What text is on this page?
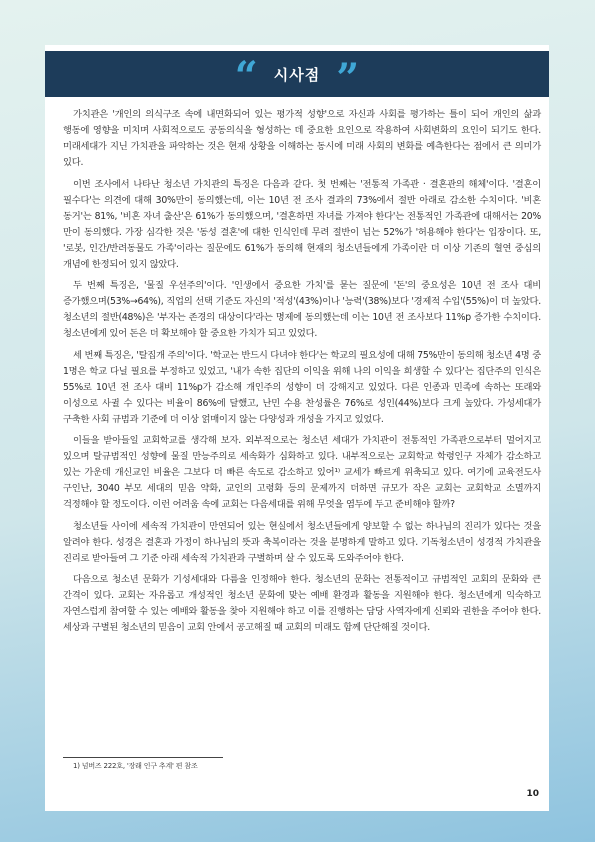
“ 시사점 ”

가치관은 '개인의 의식구조 속에 내면화되어 있는 평가적 성향'으로 자신과 사회를 평가하는 틀이 되어 개인의 삶과 행동에 영향을 미치며 사회적으로도 공동의식을 형성하는 데 중요한 요인으로 작용하여 사회변화의 요인이 되기도 한다. 미래세대가 지닌 가치관을 파악하는 것은 현재 상황을 이해하는 동시에 미래 사회의 변화를 예측한다는 점에서 큰 의미가 있다.

이번 조사에서 나타난 청소년 가치관의 특징은 다음과 같다. 첫 번째는 '전통적 가족관 · 결혼관의 해체'이다. '결혼이 필수다'는 의견에 대해 30%만이 동의했는데, 이는 10년 전 조사 결과의 73%에서 절반 아래로 감소한 수치이다. '비혼 동거'는 81%, '비혼 자녀 출산'은 61%가 동의했으며, '결혼하면 자녀를 가져야 한다'는 전통적인 가족관에 대해서는 20%만이 동의했다. 가장 심각한 것은 '동성 결혼'에 대한 인식인데 무려 절반이 넘는 52%가 '허용해야 한다'는 입장이다. 또, '로봇, 인간/반려동물도 가족'이라는 질문에도 61%가 동의해 현재의 청소년들에게 가족이란 더 이상 기존의 혈연 중심의 개념에 한정되어 있지 않았다.

두 번째 특징은, '물질 우선주의'이다. '인생에서 중요한 가치'를 묻는 질문에 '돈'의 중요성은 10년 전 조사 대비 증가했으며(53%→64%), 직업의 선택 기준도 자신의 '적성'(43%)이나 '능력'(38%)보다 '경제적 수입'(55%)이 더 높았다. 청소년의 절반(48%)은 '부자는 존경의 대상이다'라는 명제에 동의했는데 이는 10년 전 조사보다 11%p 증가한 수치이다. 청소년에게 있어 돈은 더 확보해야 할 중요한 가치가 되고 있었다.

세 번째 특징은, '탈집개 주의'이다. '학교는 반드시 다녀야 한다'는 학교의 필요성에 대해 75%만이 동의해 청소년 4명 중 1명은 학교 다닐 필요를 부정하고 있었고, '내가 속한 집단의 이익을 위해 나의 이익을 희생할 수 있다'는 집단주의 인식은 55%로 10년 전 조사 대비 11%p가 감소해 개인주의 성향이 더 강해지고 있었다. 다른 인종과 민족에 속하는 또래와 이성으로 사귈 수 있다는 비율이 86%에 달했고, 난민 수용 찬성률은 76%로 성인(44%)보다 크게 높았다. 가성세대가 구축한 사회 규범과 기준에 더 이상 얽매이지 않는 다양성과 개성을 가지고 있었다.

이들을 받아들일 교회학교를 생각해 보자. 외부적으로는 청소년 세대가 가치관이 전통적인 가족관으로부터 멀어지고 있으며 탈규범적인 성향에 물질 만능주의로 세속화가 심화하고 있다. 내부적으로는 교회학교 학령인구 자체가 감소하고 있는 가운데 개신교인 비율은 그보다 더 빠른 속도로 감소하고 있어¹⁾ 교세가 빠르게 위축되고 있다. 여기에 교육전도사 구인난, 3040 부모 세대의 믿음 약화, 교인의 고령화 등의 문제까지 더하면 규모가 작은 교회는 교회학교 소멸까지 걱정해야 할 정도이다. 이런 어려움 속에 교회는 다음세대를 위해 무엇을 염두에 두고 준비해야 할까?

청소년들 사이에 세속적 가치관이 만연되어 있는 현실에서 청소년들에게 양보할 수 없는 하나님의 진리가 있다는 것을 알려야 한다. 성경은 결혼과 가정이 하나님의 뜻과 축복이라는 것을 분명하게 말하고 있다. 기독청소년이 성경적 가치관을 진리로 받아들여 그 기준 아래 세속적 가치관과 구별하며 살 수 있도록 도와주어야 한다.

다음으로 청소년 문화가 기성세대와 다름을 인정해야 한다. 청소년의 문화는 전통적이고 규범적인 교회의 문화와 큰 간격이 있다. 교회는 자유롭고 개성적인 청소년 문화에 맞는 예배 환경과 활동을 지원해야 한다. 청소년에게 익숙하고 자연스럽게 참여할 수 있는 예배와 활동을 찾아 지원해야 하고 이를 진행하는 담당 사역자에게 신뢰와 권한을 주어야 한다. 세상과 구별된 청소년의 믿음이 교회 안에서 공고해질 때 교회의 미래도 함께 단단해질 것이다.

1) 넘버즈 222호, '장래 인구 추계' 편 참조
10
